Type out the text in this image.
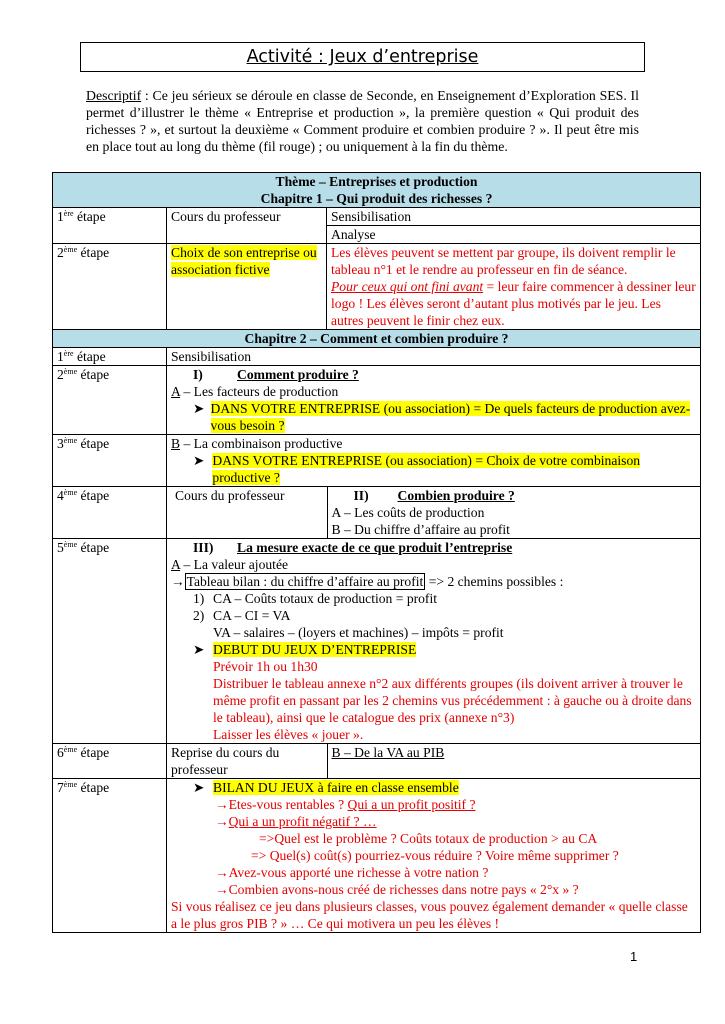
Activité : Jeux d’entreprise
Descriptif : Ce jeu sérieux se déroule en classe de Seconde, en Enseignement d’Exploration SES. Il permet d’illustrer le thème « Entreprise et production », la première question « Qui produit des richesses ? », et surtout la deuxième « Comment produire et combien produire ? ». Il peut être mis en place tout au long du thème (fil rouge) ; ou uniquement à la fin du thème.
Thème – Entreprises et production
Chapitre 1 – Qui produit des richesses ?

1ère étape	Cours du professeur	Sensibilisation
Analyse

2ème étape	Choix de son entreprise ou association fictive	Les élèves peuvent se mettent par groupe, ils doivent remplir le tableau n°1 et le rendre au professeur en fin de séance.
Pour ceux qui ont fini avant = leur faire commencer à dessiner leur logo ! Les élèves seront d’autant plus motivés par le jeu. Les autres peuvent le finir chez eux.
Chapitre 2 – Comment et combien produire ?
1ère étape	Sensibilisation
2ème étape	I)	Comment produire ?
A – Les facteurs de production
➤ DANS VOTRE ENTREPRISE (ou association) = De quels facteurs de production avez-vous besoin ?

3ème étape	B – La combinaison productive
➤ DANS VOTRE ENTREPRISE (ou association) = Choix de votre combinaison productive ?

4ème étape		Cours du professeur	II) Combien produire ?
A – Les coûts de production
B – Du chiffre d’affaire au profit

5ème étape	III) La mesure exacte de ce que produit l’entreprise
A – La valeur ajoutée
→ Tableau bilan : du chiffre d’affaire au profit => 2 chemins possibles :
1) CA – Coûts totaux de production = profit
2) CA – CI = VA
VA – salaires – (loyers et machines) – impôts = profit
➤ DEBUT DU JEUX D’ENTREPRISE
Prévoir 1h ou 1h30
Distribuer le tableau annexe n°2 aux différents groupes (ils doivent arriver à trouver le même profit en passant par les 2 chemins vus précédemment : à gauche ou à droite dans le tableau), ainsi que le catalogue des prix (annexe n°3)
Laisser les élèves « jouer ».

6ème étape		Reprise du cours du professeur	B – De la VA au PIB

7ème étape	➤ BILAN DU JEUX à faire en classe ensemble
→Etes-vous rentables ? Qui a un profit positif ?
→Qui a un profit négatif ? …
=>Quel est le problème ? Coûts totaux de production > au CA
=> Quel(s) coût(s) pourriez-vous réduire ? Voire même supprimer ?
→Avez-vous apporté une richesse à votre nation ?
→Combien avons-nous créé de richesses dans notre pays « 2°x » ?
Si vous réalisez ce jeu dans plusieurs classes, vous pouvez également demander « quelle classe a le plus gros PIB ? » … Ce qui motivera un peu les élèves !
1
